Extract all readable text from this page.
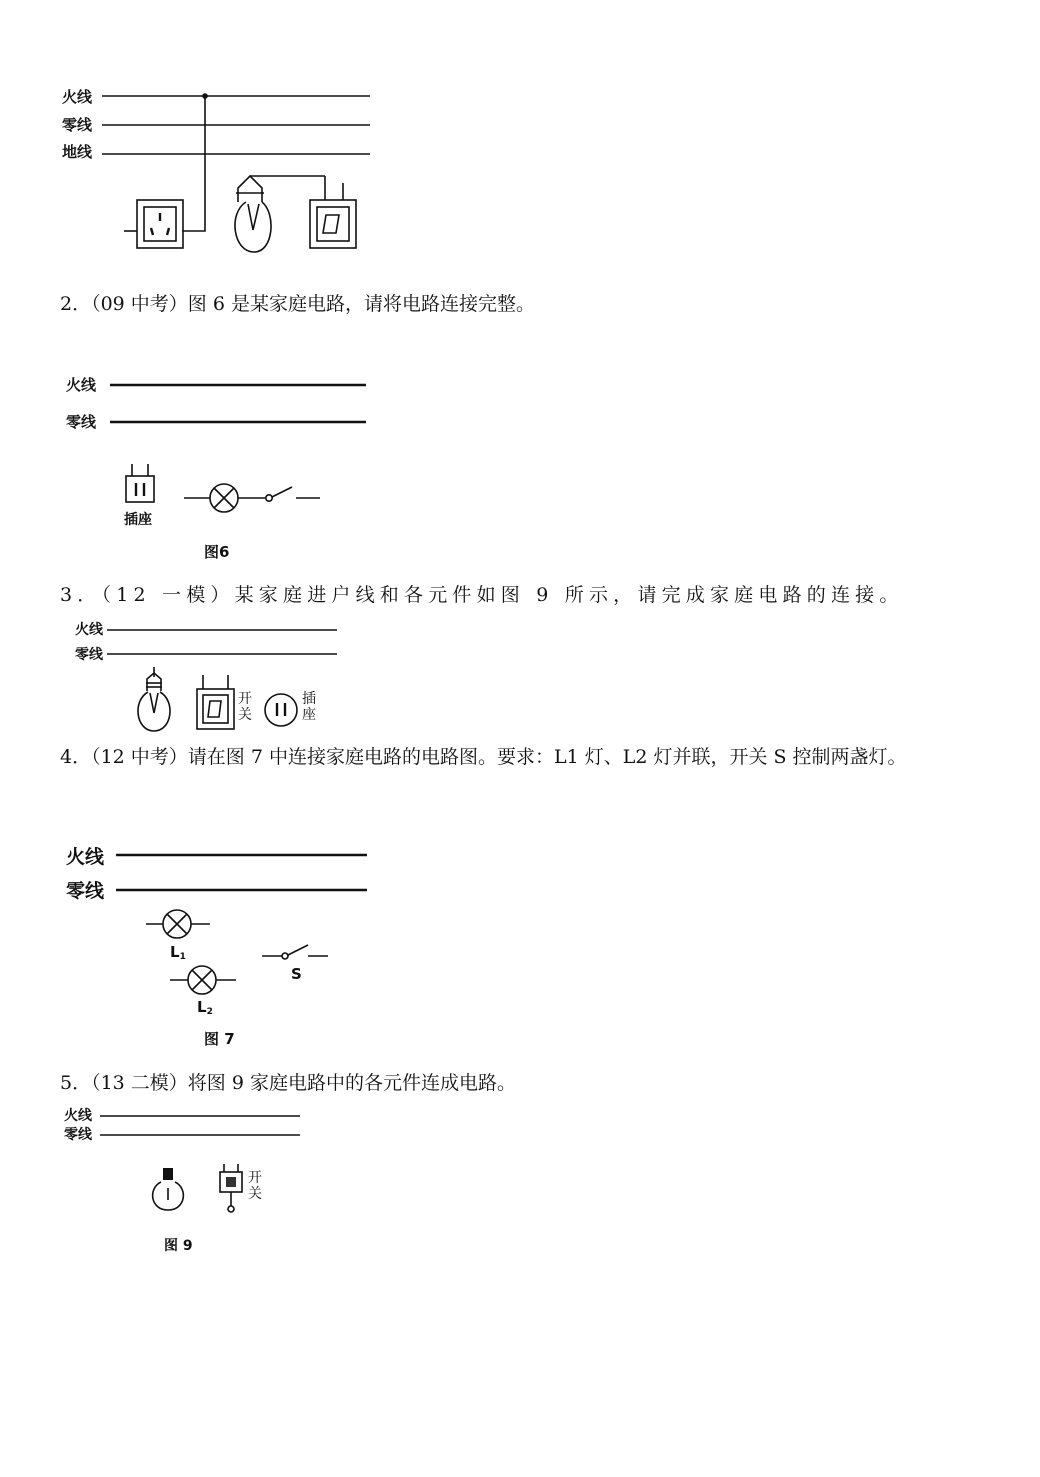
火线
零线
地线
2．（09 中考）图 6 是某家庭电路，请将电路连接完整。
火线
零线
插座
图6
3．（12 一模）某家庭进户线和各元件如图 9 所示，请完成家庭电路的连接。
火线
零线
开
关
插
座
4．（12 中考）请在图 7 中连接家庭电路的电路图。要求：L1 灯、L2 灯并联，开关 S 控制两盏灯。
火线
零线
L1
L2
S
图 7
5．（13 二模）将图 9 家庭电路中的各元件连成电路。
火线
零线
开
关
图 9
